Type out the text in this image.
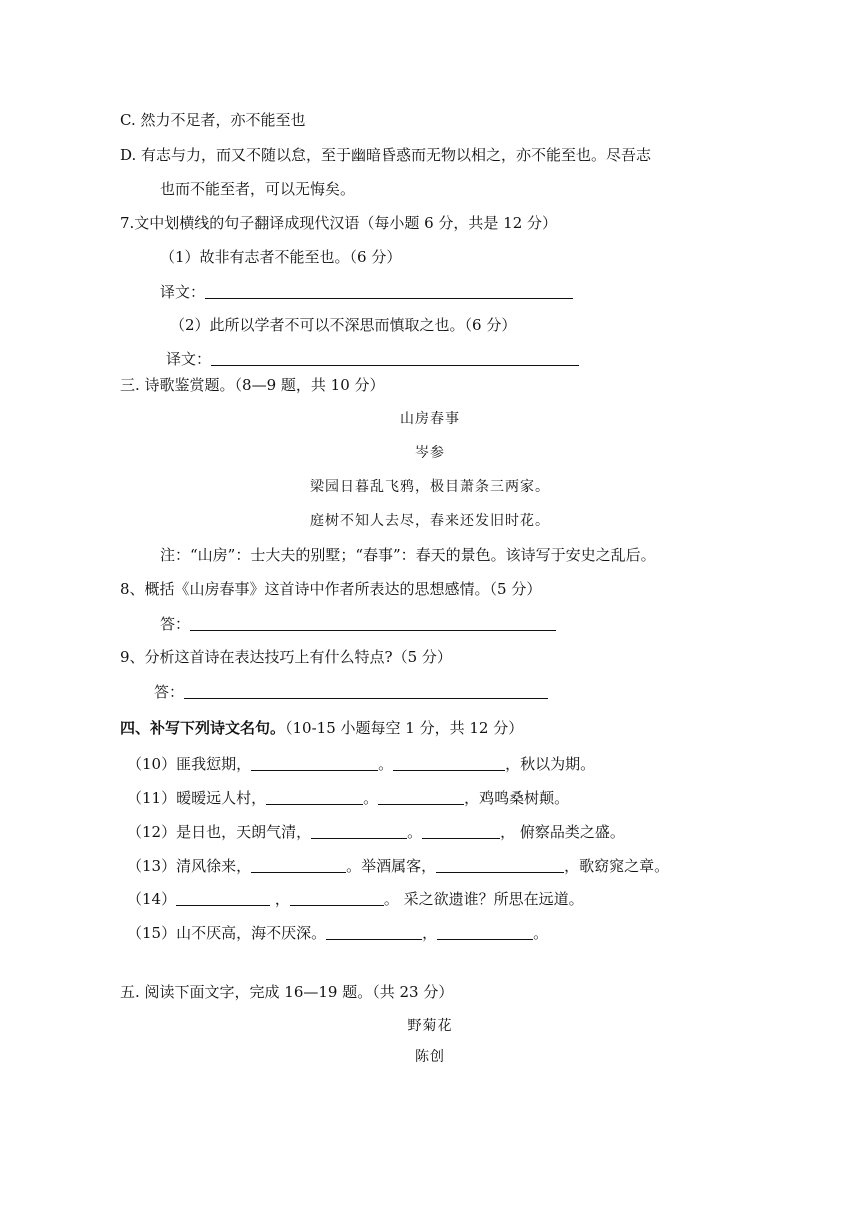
C. 然力不足者，亦不能至也
D. 有志与力，而又不随以怠，至于幽暗昏惑而无物以相之，亦不能至也。尽吾志
也而不能至者，可以无悔矣。
7.文中划横线的句子翻译成现代汉语（每小题 6 分，共是 12 分）
（1）故非有志者不能至也。（6 分）
译文：
（2）此所以学者不可以不深思而慎取之也。（6 分）
译文：
三. 诗歌鉴赏题。（8—9 题，共 10 分）
山房春事
岑参
梁园日暮乱飞鸦，极目萧条三两家。
庭树不知人去尽，春来还发旧时花。
注：“山房”：士大夫的别墅；“春事”：春天的景色。该诗写于安史之乱后。
8、概括《山房春事》这首诗中作者所表达的思想感情。（5 分）
答：
9、分析这首诗在表达技巧上有什么特点?（5 分）
答：
四、补写下列诗文名句。（10-15 小题每空 1 分，共 12 分）
（10）匪我愆期，	。	，秋以为期。
（11）暧暧远人村，	。	，鸡鸣桑树颠。
（12）是日也，天朗气清，	。	， 俯察品类之盛。
（13）清风徐来，	。举酒属客，	，歌窈窕之章。
（14）	，	。 采之欲遗谁？所思在远道。
（15）山不厌高，海不厌深。	，	。
五. 阅读下面文字，完成 16—19 题。（共 23 分）
野菊花
陈创
